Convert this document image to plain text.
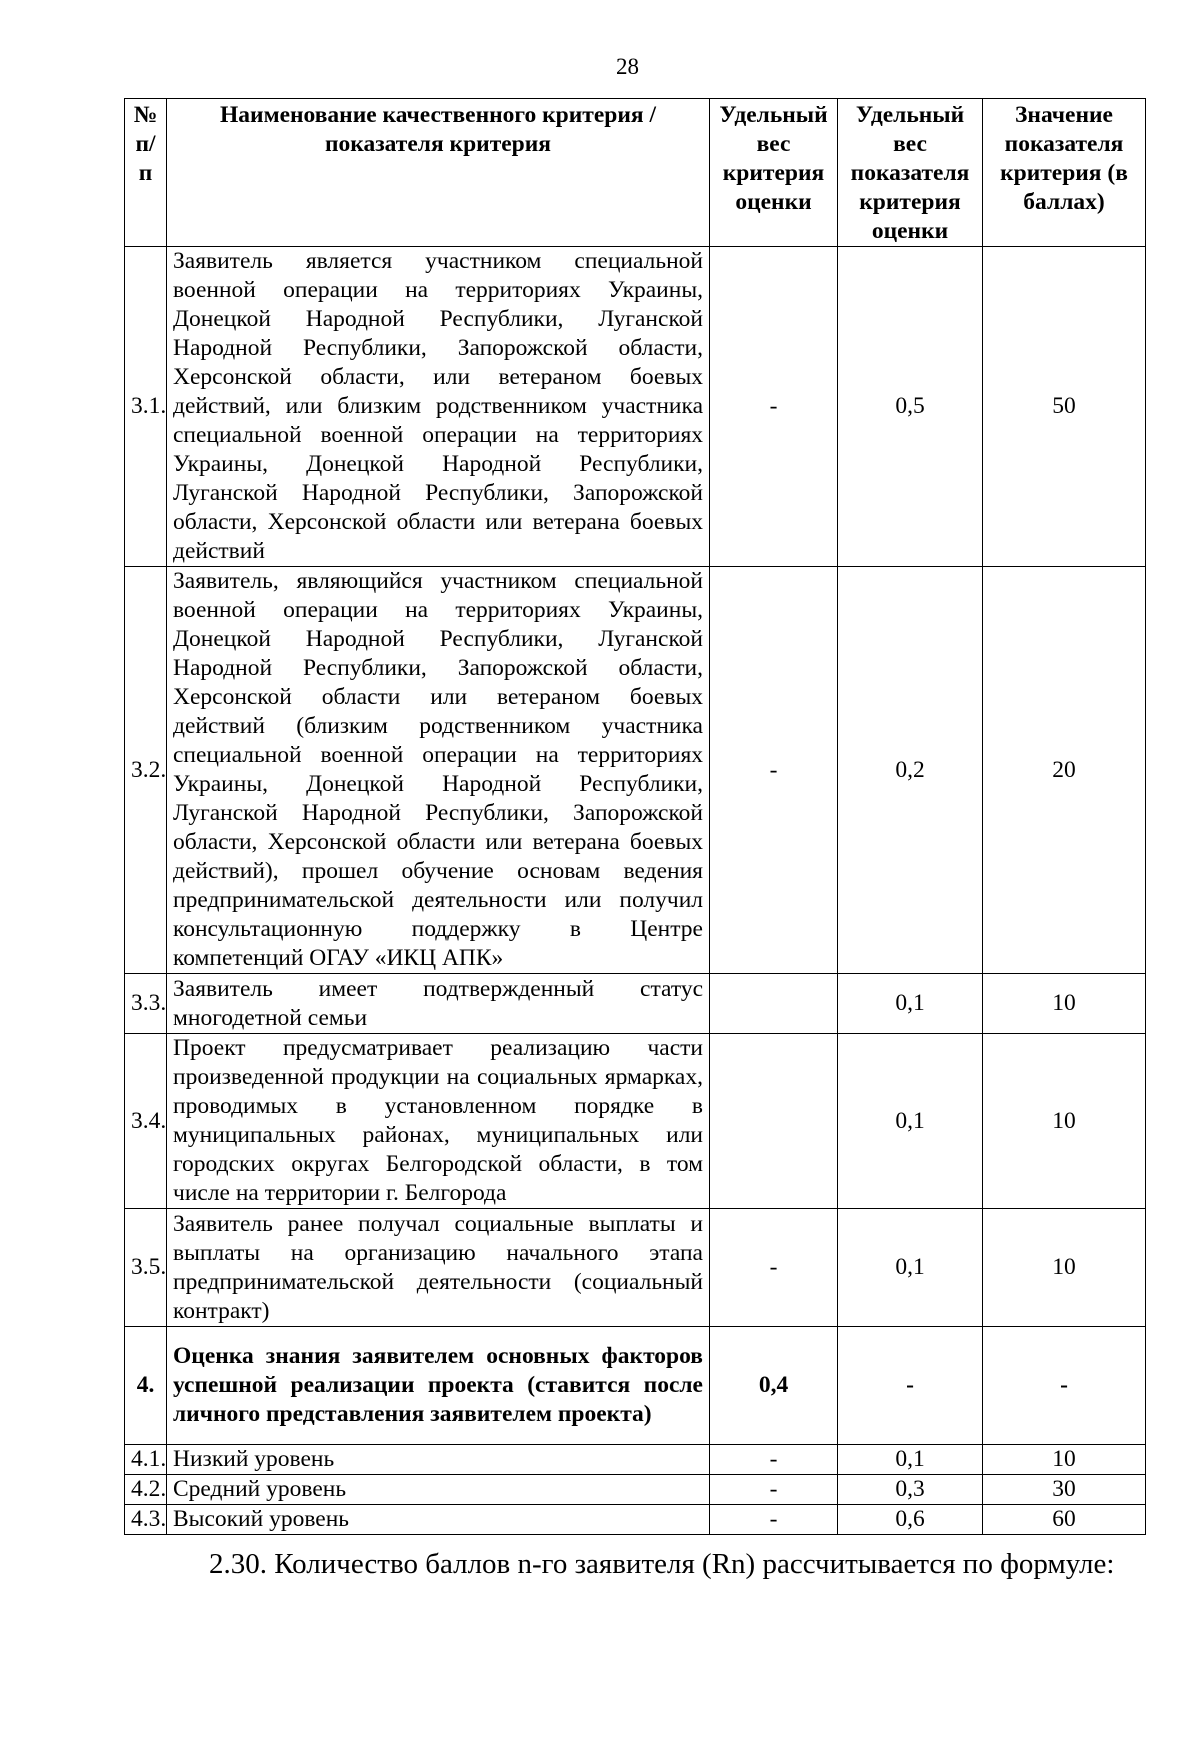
28
№ п/п	Наименование качественного критерия / показателя критерия	Удельный вес критерия оценки	Удельный вес показателя критерия оценки	Значение показателя критерия (в баллах)
3.1.	Заявитель является участником специальной военной операции на территориях Украины, Донецкой Народной Республики, Луганской Народной Республики, Запорожской области, Херсонской области, или ветераном боевых действий, или близким родственником участника специальной военной операции на территориях Украины, Донецкой Народной Республики, Луганской Народной Республики, Запорожской области, Херсонской области или ветерана боевых действий	-	0,5	50
3.2.	Заявитель, являющийся участником специальной военной операции на территориях Украины, Донецкой Народной Республики, Луганской Народной Республики, Запорожской области, Херсонской области или ветераном боевых действий (близким родственником участника специальной военной операции на территориях Украины, Донецкой Народной Республики, Луганской Народной Республики, Запорожской области, Херсонской области или ветерана боевых действий), прошел обучение основам ведения предпринимательской деятельности или получил консультационную поддержку в Центре компетенций ОГАУ «ИКЦ АПК»	-	0,2	20
3.3.	Заявитель имеет подтвержденный статус многодетной семьи		0,1	10
3.4.	Проект предусматривает реализацию части произведенной продукции на социальных ярмарках, проводимых в установленном порядке в муниципальных районах, муниципальных или городских округах Белгородской области, в том числе на территории г. Белгорода		0,1	10
3.5.	Заявитель ранее получал социальные выплаты и выплаты на организацию начального этапа предпринимательской деятельности (социальный контракт)	-	0,1	10
4.	Оценка знания заявителем основных факторов успешной реализации проекта (ставится после личного представления заявителем проекта)	0,4	-	-
4.1.	Низкий уровень	-	0,1	10
4.2.	Средний уровень	-	0,3	30
4.3.	Высокий уровень	-	0,6	60
2.30. Количество баллов n-го заявителя (Rn) рассчитывается по формуле:
